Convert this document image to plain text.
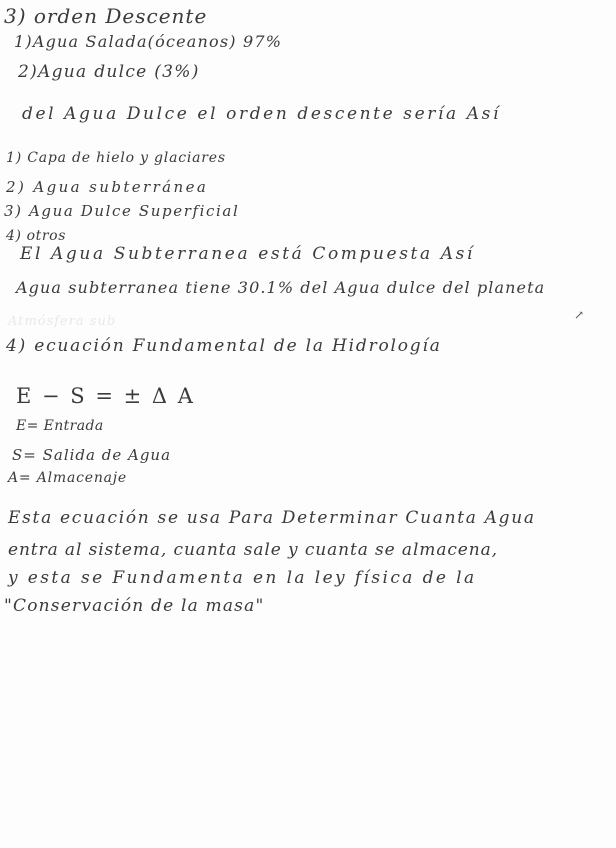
3) orden Descente
1)Agua Salada(óceanos) 97%
2)Agua dulce (3%)
del Agua Dulce el orden descente sería Así
1) Capa de hielo y glaciares
2) Agua subterránea
3) Agua Dulce Superficial
4) otros
El Agua Subterranea está Compuesta Así
Agua subterranea tiene 30.1% del Agua dulce del planeta
Atmósfera sub	↗
4) ecuación Fundamental de la Hidrología
E − S = ± Δ A
E= Entrada
S= Salida de Agua
A= Almacenaje
Esta ecuación se usa Para Determinar Cuanta Agua
entra al sistema, cuanta sale y cuanta se almacena,
y esta se Fundamenta en la ley física de la
"Conservación de la masa"
